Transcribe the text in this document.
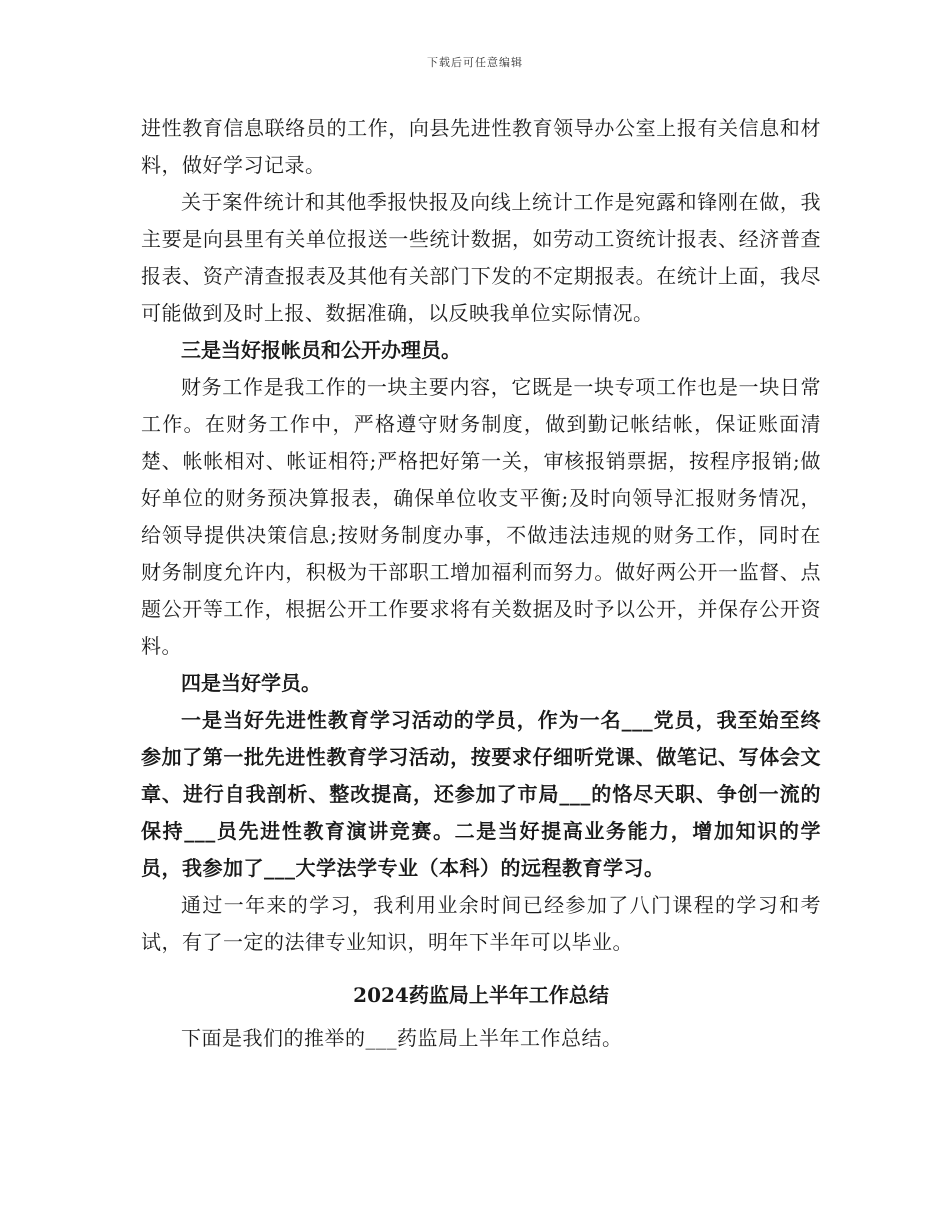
下载后可任意编辑

进性教育信息联络员的工作，向县先进性教育领导办公室上报有关信息和材料，做好学习记录。

关于案件统计和其他季报快报及向线上统计工作是宛露和锋刚在做，我主要是向县里有关单位报送一些统计数据，如劳动工资统计报表、经济普查报表、资产清查报表及其他有关部门下发的不定期报表。在统计上面，我尽可能做到及时上报、数据准确，以反映我单位实际情况。

三是当好报帐员和公开办理员。

财务工作是我工作的一块主要内容，它既是一块专项工作也是一块日常工作。在财务工作中，严格遵守财务制度，做到勤记帐结帐，保证账面清楚、帐帐相对、帐证相符;严格把好第一关，审核报销票据，按程序报销;做好单位的财务预决算报表，确保单位收支平衡;及时向领导汇报财务情况，给领导提供决策信息;按财务制度办事，不做违法违规的财务工作，同时在财务制度允许内，积极为干部职工增加福利而努力。做好两公开一监督、点题公开等工作，根据公开工作要求将有关数据及时予以公开，并保存公开资料。

四是当好学员。

一是当好先进性教育学习活动的学员，作为一名___党员，我至始至终参加了第一批先进性教育学习活动，按要求仔细听党课、做笔记、写体会文章、进行自我剖析、整改提高，还参加了市局___的恪尽天职、争创一流的保持___员先进性教育演讲竞赛。二是当好提高业务能力，增加知识的学员，我参加了___大学法学专业（本科）的远程教育学习。

通过一年来的学习，我利用业余时间已经参加了八门课程的学习和考试，有了一定的法律专业知识，明年下半年可以毕业。

2024药监局上半年工作总结

下面是我们的推举的___药监局上半年工作总结。
